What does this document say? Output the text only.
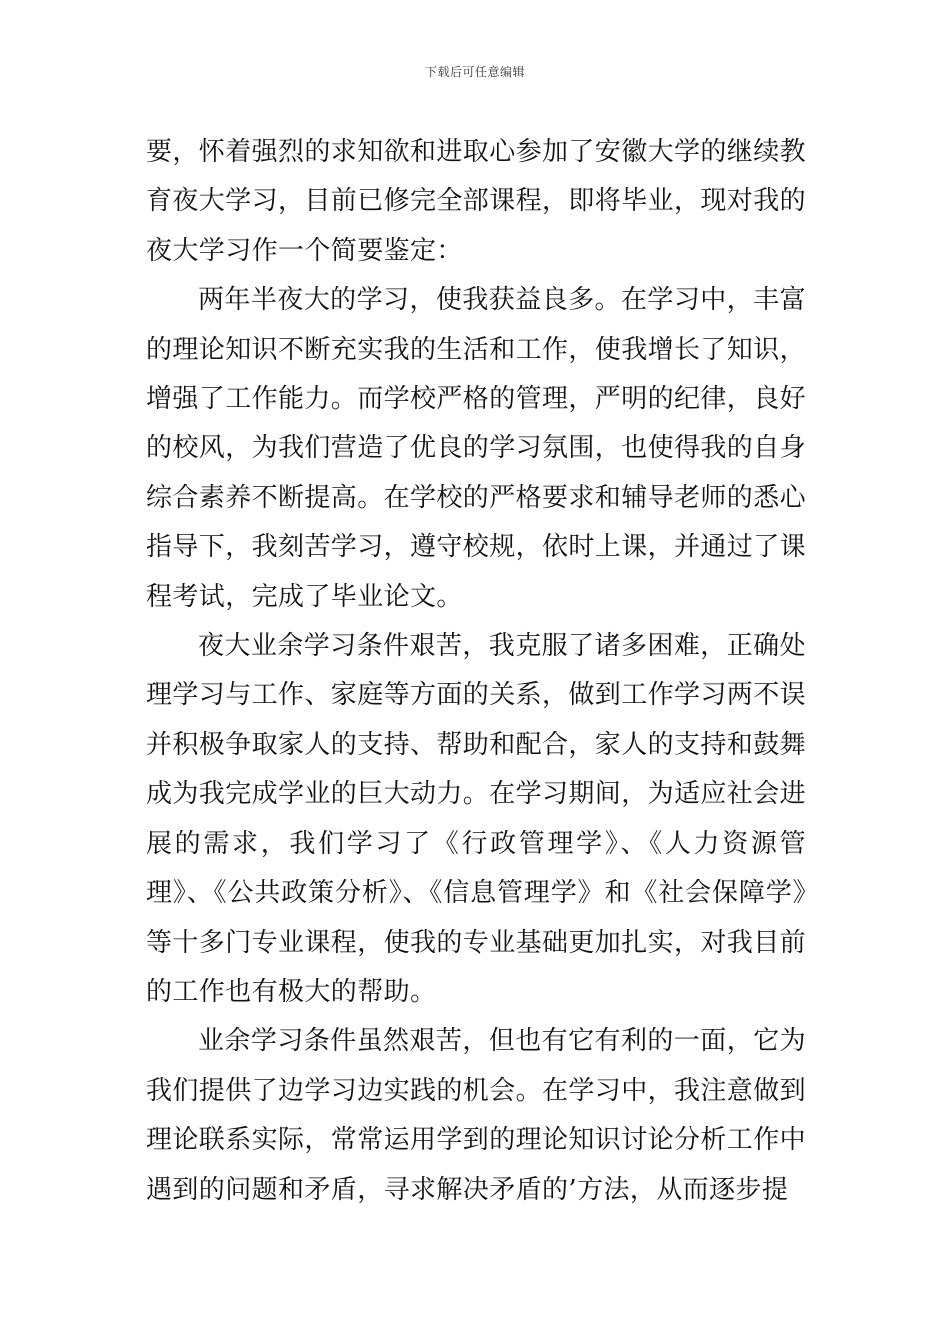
下载后可任意编辑

要，怀着强烈的求知欲和进取心参加了安徽大学的继续教育夜大学习，目前已修完全部课程，即将毕业，现对我的夜大学习作一个简要鉴定：

两年半夜大的学习，使我获益良多。在学习中，丰富的理论知识不断充实我的生活和工作，使我增长了知识，增强了工作能力。而学校严格的管理，严明的纪律，良好的校风，为我们营造了优良的学习氛围，也使得我的自身综合素养不断提高。在学校的严格要求和辅导老师的悉心指导下，我刻苦学习，遵守校规，依时上课，并通过了课程考试，完成了毕业论文。

夜大业余学习条件艰苦，我克服了诸多困难，正确处理学习与工作、家庭等方面的关系，做到工作学习两不误并积极争取家人的支持、帮助和配合，家人的支持和鼓舞成为我完成学业的巨大动力。在学习期间，为适应社会进展的需求，我们学习了《行政管理学》、《人力资源管理》、《公共政策分析》、《信息管理学》和《社会保障学》等十多门专业课程，使我的专业基础更加扎实，对我目前的工作也有极大的帮助。

业余学习条件虽然艰苦，但也有它有利的一面，它为我们提供了边学习边实践的机会。在学习中，我注意做到理论联系实际，常常运用学到的理论知识讨论分析工作中遇到的问题和矛盾，寻求解决矛盾的’方法，从而逐步提
